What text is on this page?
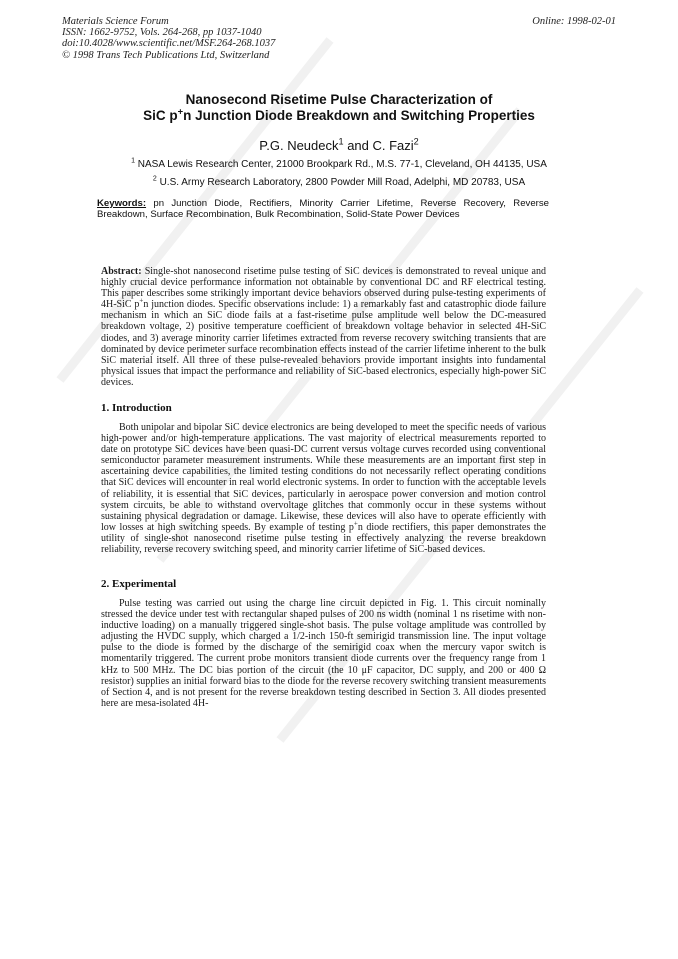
Materials Science Forum
ISSN: 1662-9752, Vols. 264-268, pp 1037-1040
doi:10.4028/www.scientific.net/MSF.264-268.1037
© 1998 Trans Tech Publications Ltd, Switzerland
Online: 1998-02-01
Nanosecond Risetime Pulse Characterization of
SiC p+n Junction Diode Breakdown and Switching Properties
P.G. Neudeck$^1$ and C. Fazi$^2$
$^1$ NASA Lewis Research Center, 21000 Brookpark Rd., M.S. 77-1, Cleveland, OH 44135, USA
$^2$ U.S. Army Research Laboratory, 2800 Powder Mill Road, Adelphi, MD 20783, USA
Keywords: pn Junction Diode, Rectifiers, Minority Carrier Lifetime, Reverse Recovery, Reverse Breakdown, Surface Recombination, Bulk Recombination, Solid-State Power Devices

Abstract: Single-shot nanosecond risetime pulse testing of SiC devices is demonstrated to reveal unique and highly crucial device performance information not obtainable by conventional DC and RF electrical testing. This paper describes some strikingly important device behaviors observed during pulse-testing experiments of 4H-SiC p+n junction diodes. Specific observations include: 1) a remarkably fast and catastrophic diode failure mechanism in which an SiC diode fails at a fast-risetime pulse amplitude well below the DC-measured breakdown voltage, 2) positive temperature coefficient of breakdown voltage behavior in selected 4H-SiC diodes, and 3) average minority carrier lifetimes extracted from reverse recovery switching transients that are dominated by device perimeter surface recombination effects instead of the carrier lifetime inherent to the bulk SiC material itself. All three of these pulse-revealed behaviors provide important insights into fundamental physical issues that impact the performance and reliability of SiC-based electronics, especially high-power SiC devices.

1. Introduction

Both unipolar and bipolar SiC device electronics are being developed to meet the specific needs of various high-power and/or high-temperature applications. The vast majority of electrical measurements reported to date on prototype SiC devices have been quasi-DC current versus voltage curves recorded using conventional semiconductor parameter measurement instruments. While these measurements are an important first step in ascertaining device capabilities, the limited testing conditions do not necessarily reflect operating conditions that SiC devices will encounter in real world electronic systems. In order to function with the acceptable levels of reliability, it is essential that SiC devices, particularly in aerospace power conversion and motion control system circuits, be able to withstand overvoltage glitches that commonly occur in these systems without sustaining physical degradation or damage. Likewise, these devices will also have to operate efficiently with low losses at high switching speeds. By example of testing p+n diode rectifiers, this paper demonstrates the utility of single-shot nanosecond risetime pulse testing in effectively analyzing the reverse breakdown reliability, reverse recovery switching speed, and minority carrier lifetime of SiC-based devices.

2. Experimental

Pulse testing was carried out using the charge line circuit depicted in Fig. 1. This circuit nominally stressed the device under test with rectangular shaped pulses of 200 ns width (nominal 1 ns risetime with non-inductive loading) on a manually triggered single-shot basis. The pulse voltage amplitude was controlled by adjusting the HVDC supply, which charged a 1/2-inch 150-ft semirigid transmission line. The input voltage pulse to the diode is formed by the discharge of the semirigid coax when the mercury vapor switch is momentarily triggered. The current probe monitors transient diode currents over the frequency range from 1 kHz to 500 MHz. The DC bias portion of the circuit (the 10 μF capacitor, DC supply, and 200 or 400 Ω resistor) supplies an initial forward bias to the diode for the reverse recovery switching transient measurements of Section 4, and is not present for the reverse breakdown testing described in Section 3. All diodes presented here are mesa-isolated 4H-
